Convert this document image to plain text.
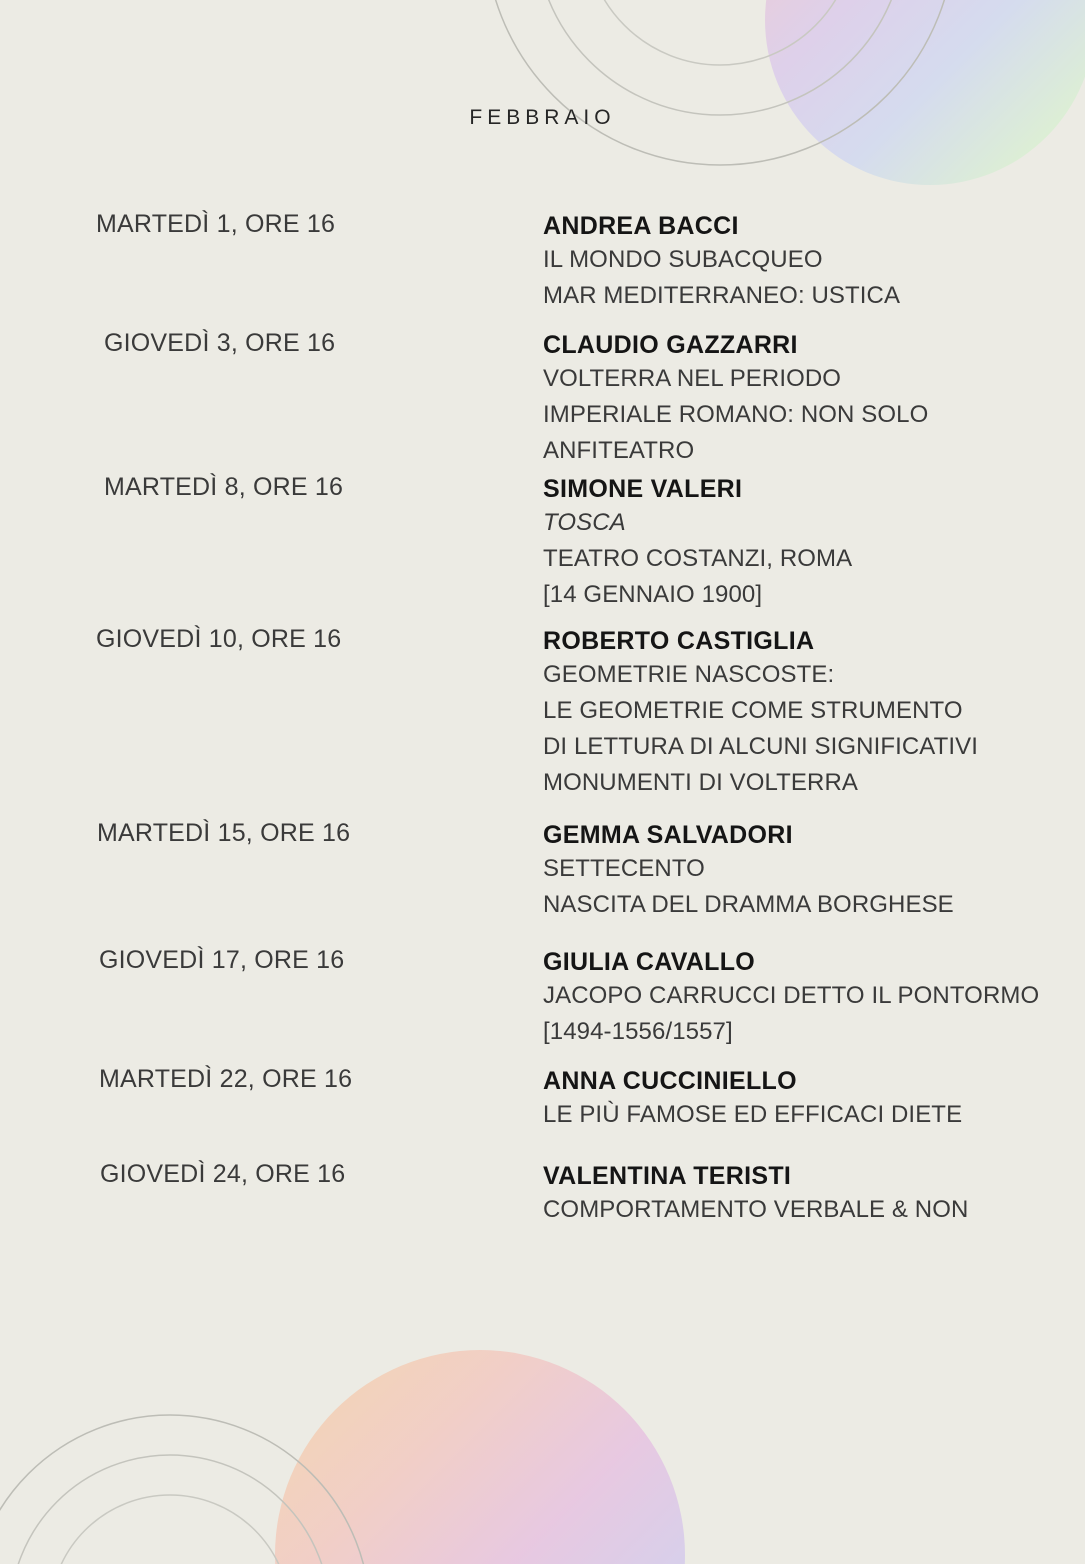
FEBBRAIO
MARTEDÌ 1, ORE 16	ANDREA BACCI
IL MONDO SUBACQUEO
MAR MEDITERRANEO: USTICA
GIOVEDÌ 3, ORE 16	CLAUDIO GAZZARRI
VOLTERRA NEL PERIODO
IMPERIALE ROMANO: NON SOLO
ANFITEATRO
MARTEDÌ 8, ORE 16	SIMONE VALERI
TOSCA
TEATRO COSTANZI, ROMA
[14 GENNAIO 1900]
GIOVEDÌ 10, ORE 16	ROBERTO CASTIGLIA
GEOMETRIE NASCOSTE:
LE GEOMETRIE COME STRUMENTO
DI LETTURA DI ALCUNI SIGNIFICATIVI
MONUMENTI DI VOLTERRA
MARTEDÌ 15, ORE 16	GEMMA SALVADORI
SETTECENTO
NASCITA DEL DRAMMA BORGHESE
GIOVEDÌ 17, ORE 16	GIULIA CAVALLO
JACOPO CARRUCCI DETTO IL PONTORMO
[1494-1556/1557]
MARTEDÌ 22, ORE 16	ANNA CUCCINIELLO
LE PIÙ FAMOSE ED EFFICACI DIETE
GIOVEDÌ 24, ORE 16	VALENTINA TERISTI
COMPORTAMENTO VERBALE & NON
